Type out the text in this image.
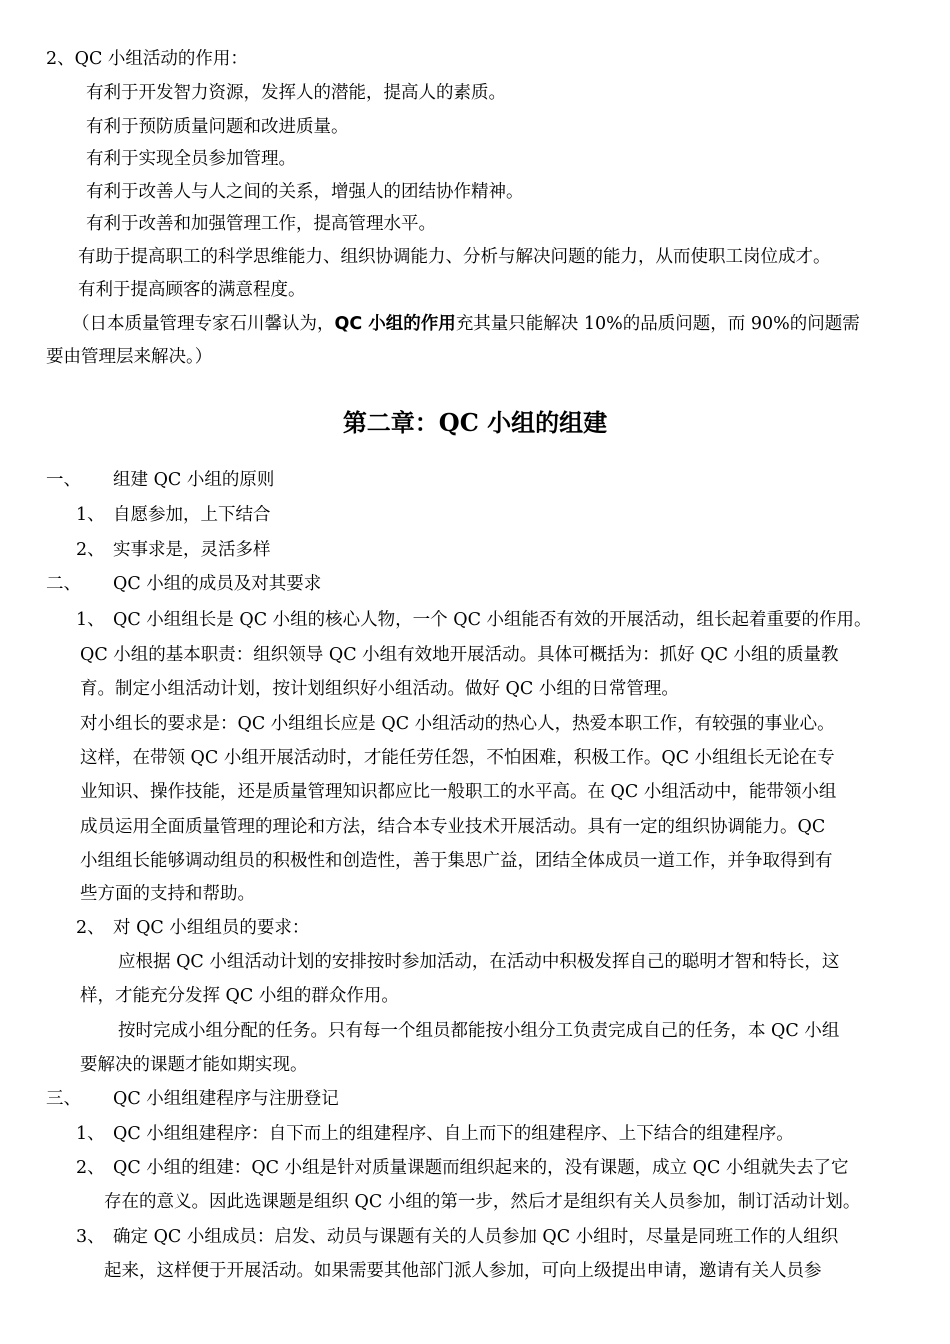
2、QC 小组活动的作用：
有利于开发智力资源，发挥人的潜能，提高人的素质。
有利于预防质量问题和改进质量。
有利于实现全员参加管理。
有利于改善人与人之间的关系，增强人的团结协作精神。
有利于改善和加强管理工作，提高管理水平。
有助于提高职工的科学思维能力、组织协调能力、分析与解决问题的能力，从而使职工岗位成才。
有利于提高顾客的满意程度。
（日本质量管理专家石川馨认为，QC 小组的作用充其量只能解决 10%的品质问题，而 90%的问题需
要由管理层来解决。）
第二章：QC 小组的组建
一、 组建 QC 小组的原则
1、 自愿参加，上下结合
2、 实事求是，灵活多样
二、 QC 小组的成员及对其要求
1、 QC 小组组长是 QC 小组的核心人物，一个 QC 小组能否有效的开展活动，组长起着重要的作用。
QC 小组的基本职责：组织领导 QC 小组有效地开展活动。具体可概括为：抓好 QC 小组的质量教
育。制定小组活动计划，按计划组织好小组活动。做好 QC 小组的日常管理。
对小组长的要求是：QC 小组组长应是 QC 小组活动的热心人，热爱本职工作，有较强的事业心。
这样，在带领 QC 小组开展活动时，才能任劳任怨，不怕困难，积极工作。QC 小组组长无论在专
业知识、操作技能，还是质量管理知识都应比一般职工的水平高。在 QC 小组活动中，能带领小组
成员运用全面质量管理的理论和方法，结合本专业技术开展活动。具有一定的组织协调能力。QC
小组组长能够调动组员的积极性和创造性，善于集思广益，团结全体成员一道工作，并争取得到有
些方面的支持和帮助。
2、 对 QC 小组组员的要求：
应根据 QC 小组活动计划的安排按时参加活动，在活动中积极发挥自己的聪明才智和特长，这
样，才能充分发挥 QC 小组的群众作用。
按时完成小组分配的任务。只有每一个组员都能按小组分工负责完成自己的任务，本 QC 小组
要解决的课题才能如期实现。
三、 QC 小组组建程序与注册登记
1、 QC 小组组建程序：自下而上的组建程序、自上而下的组建程序、上下结合的组建程序。
2、 QC 小组的组建：QC 小组是针对质量课题而组织起来的，没有课题，成立 QC 小组就失去了它
存在的意义。因此选课题是组织 QC 小组的第一步，然后才是组织有关人员参加，制订活动计划。
3、 确定 QC 小组成员：启发、动员与课题有关的人员参加 QC 小组时，尽量是同班工作的人组织
起来，这样便于开展活动。如果需要其他部门派人参加，可向上级提出申请，邀请有关人员参
